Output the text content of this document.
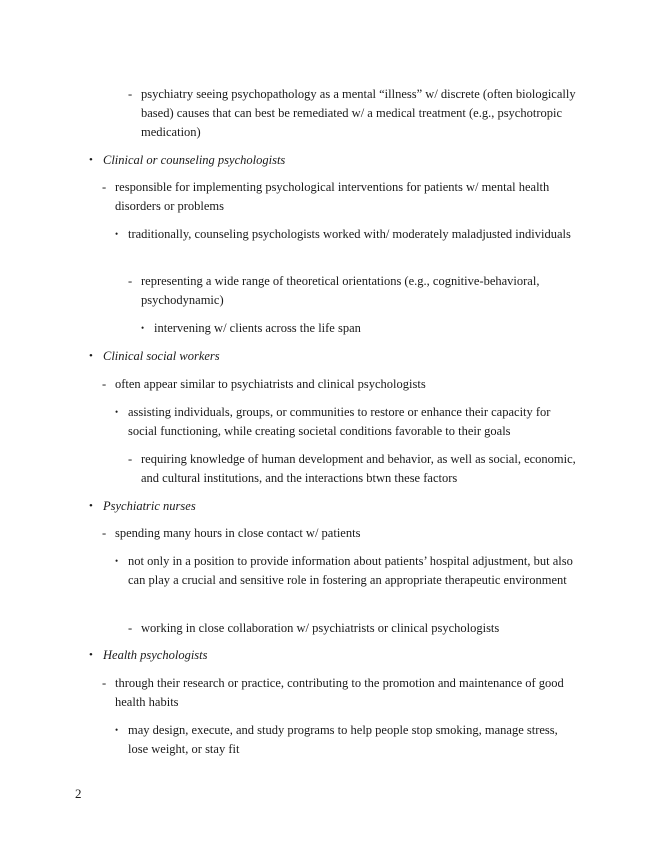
- psychiatry seeing psychopathology as a mental “illness” w/ discrete (often biologically based) causes that can best be remediated w/ a medical treatment (e.g., psychotropic medication)
• Clinical or counseling psychologists
- responsible for implementing psychological interventions for patients w/ mental health disorders or problems
• traditionally, counseling psychologists worked with/ moderately maladjusted individuals
- representing a wide range of theoretical orientations (e.g., cognitive-behavioral, psychodynamic)
• intervening w/ clients across the life span
• Clinical social workers
- often appear similar to psychiatrists and clinical psychologists
• assisting individuals, groups, or communities to restore or enhance their capacity for social functioning, while creating societal conditions favorable to their goals
- requiring knowledge of human development and behavior, as well as social, economic, and cultural institutions, and the interactions btwn these factors
• Psychiatric nurses
- spending many hours in close contact w/ patients
• not only in a position to provide information about patients’ hospital adjustment, but also can play a crucial and sensitive role in fostering an appropriate therapeutic environment
- working in close collaboration w/ psychiatrists or clinical psychologists
• Health psychologists
- through their research or practice, contributing to the promotion and maintenance of good health habits
• may design, execute, and study programs to help people stop smoking, manage stress, lose weight, or stay fit
2
